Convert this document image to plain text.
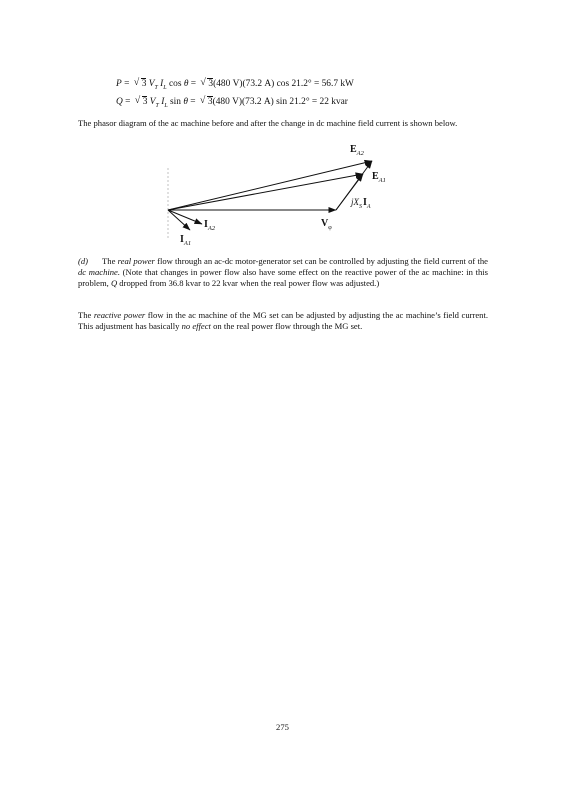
P = √ 3 $V_T$ $I_L$ cos θ = √ 3(480 V)(73.2 A) cos 21.2° = 56.7 kW
Q = √ 3 $V_T$ $I_L$ sin θ = √ 3(480 V)(73.2 A) sin 21.2° = 22 kvar

The phasor diagram of the ac machine before and after the change in dc machine field current is shown below.

$E_{A2}$
$E_{A1}$
$jX_SI_A$
$V_\varphi$
$I_{A2}$
$I_{A1}$

(d) The real power flow through an ac-dc motor-generator set can be controlled by adjusting the field current of the dc machine. (Note that changes in power flow also have some effect on the reactive power of the ac machine: in this problem, Q dropped from 36.8 kvar to 22 kvar when the real power flow was adjusted.)

The reactive power flow in the ac machine of the MG set can be adjusted by adjusting the ac machine’s field current. This adjustment has basically no effect on the real power flow through the MG set.

275
